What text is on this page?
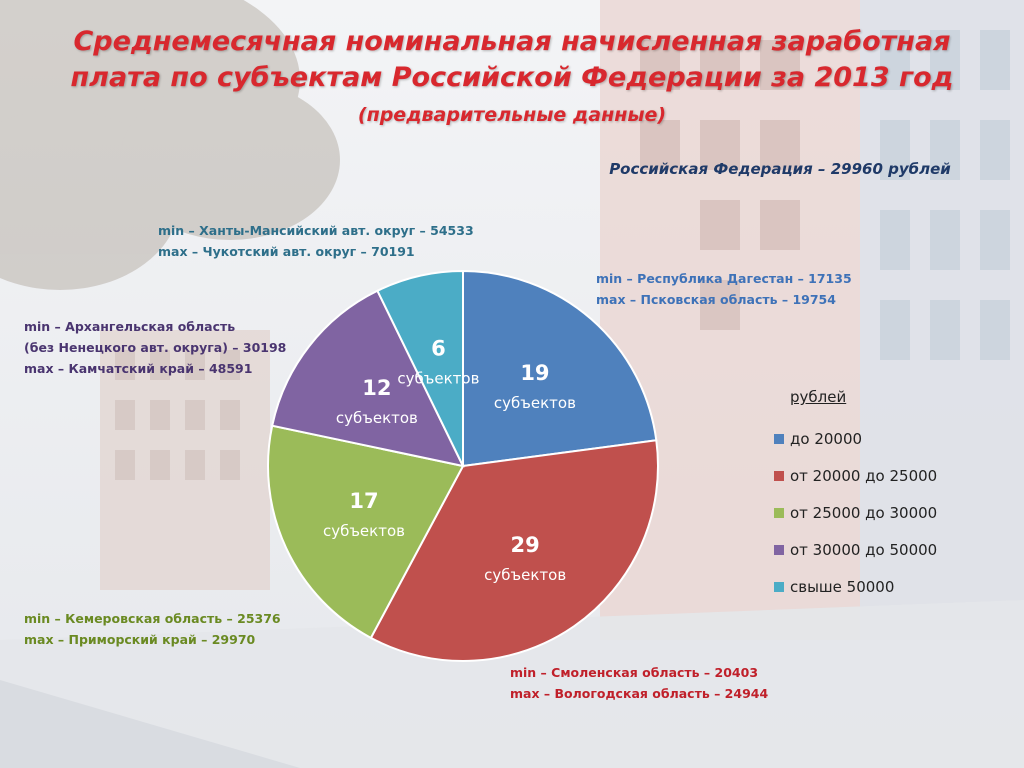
Среднемесячная номинальная начисленная заработная
плата по субъектам Российской Федерации за 2013 год
(предварительные данные)
Российская Федерация – 29960 рублей
19
субъектов
29
субъектов
17
субъектов
12
субъектов
6
субъектов
min – Республика Дагестан – 17135
max – Псковская область – 19754
min – Смоленская область – 20403
max – Вологодская область – 24944
min – Кемеровская область – 25376
max – Приморский край – 29970
min – Архангельская область
(без Ненецкого авт. округа) – 30198
max – Камчатский край – 48591
min – Ханты-Мансийский авт. округ – 54533
max – Чукотский авт. округ – 70191
рублей
до 20000
от 20000 до 25000
от 25000 до 30000
от 30000 до 50000
свыше 50000
